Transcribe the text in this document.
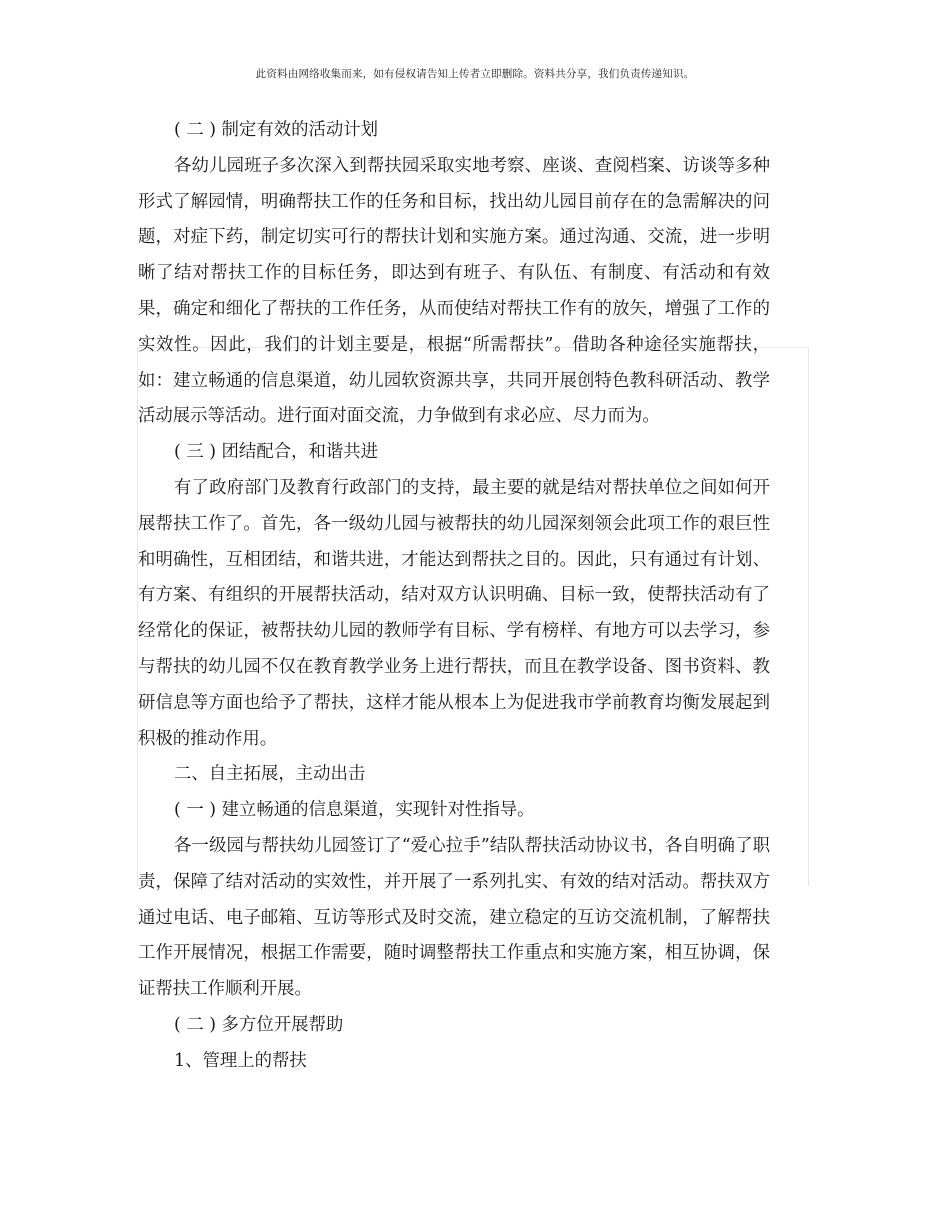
此资料由网络收集而来，如有侵权请告知上传者立即删除。资料共分享，我们负责传递知识。

( 二 ) 制定有效的活动计划

各幼儿园班子多次深入到帮扶园采取实地考察、座谈、查阅档案、访谈等多种形式了解园情，明确帮扶工作的任务和目标，找出幼儿园目前存在的急需解决的问题，对症下药，制定切实可行的帮扶计划和实施方案。通过沟通、交流，进一步明晰了结对帮扶工作的目标任务，即达到有班子、有队伍、有制度、有活动和有效果，确定和细化了帮扶的工作任务，从而使结对帮扶工作有的放矢，增强了工作的实效性。因此，我们的计划主要是，根据“所需帮扶”。借助各种途径实施帮扶，如：建立畅通的信息渠道，幼儿园软资源共享，共同开展创特色教科研活动、教学活动展示等活动。进行面对面交流，力争做到有求必应、尽力而为。

( 三 ) 团结配合，和谐共进

有了政府部门及教育行政部门的支持，最主要的就是结对帮扶单位之间如何开展帮扶工作了。首先，各一级幼儿园与被帮扶的幼儿园深刻领会此项工作的艰巨性和明确性，互相团结，和谐共进，才能达到帮扶之目的。因此，只有通过有计划、有方案、有组织的开展帮扶活动，结对双方认识明确、目标一致，使帮扶活动有了经常化的保证，被帮扶幼儿园的教师学有目标、学有榜样、有地方可以去学习，参与帮扶的幼儿园不仅在教育教学业务上进行帮扶，而且在教学设备、图书资料、教研信息等方面也给予了帮扶，这样才能从根本上为促进我市学前教育均衡发展起到积极的推动作用。

二、自主拓展，主动出击

( 一 ) 建立畅通的信息渠道，实现针对性指导。

各一级园与帮扶幼儿园签订了“爱心拉手”结队帮扶活动协议书，各自明确了职责，保障了结对活动的实效性，并开展了一系列扎实、有效的结对活动。帮扶双方通过电话、电子邮箱、互访等形式及时交流，建立稳定的互访交流机制，了解帮扶工作开展情况，根据工作需要，随时调整帮扶工作重点和实施方案，相互协调，保证帮扶工作顺利开展。

( 二 ) 多方位开展帮助

1、管理上的帮扶
